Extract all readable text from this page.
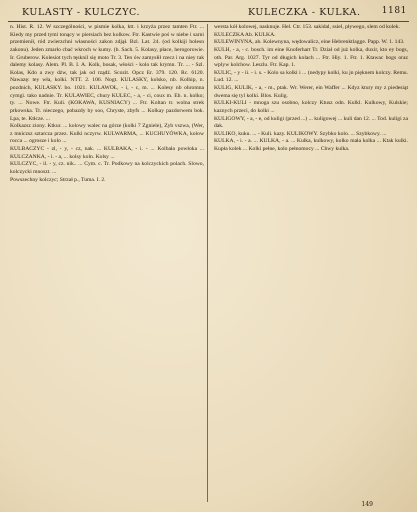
KULASTY - KULCZYC.	KULECZKA - KULKA. 1181

n. Hist. R. 12. W szczególności, w pismie kolka, ktt. i krzyża przez tamten Ftr. ... Kiedy my przed tymi tonący w piersiach bez kolkow. Ftr. Kastwie poś w niebe i sarni przemienił, ród zwierzchni własności zakon zdjął. Bzl. Lat. 24. (od kolkiji bolesn zakonu). Jeden zmarło cbać wkroch w kumy. (b. Sach. 5. Kolasy, płace, herogorowie. Ir. Gruberow. Kolesiot tych tęsknil się moto Tr. 3. Ten ów zamysłił rzecz i na niey tak dalemy kolasy. Alem. Pl. B. I. A. Kolk, bosak, włości - kolo tak krymn. Tr. ... - Szl. Kolas, Kdo a zwy dżw, tak jak od rządź. Scozit. Opcz Er. 379. 120. Rc. 6120. Nawazę: tey wła, kolki. NTT. 2. 106. Nogt. KULASKY, kolsko, nb. Kolhip, n. pozdnich, KULASKY. bo. 1021. KULAWOŁ, - i, - c, m. ... Kolesy nb ohromna cymgi. tako nadnie. Tr. KULAWIEC, chury KULEC, - a, - ci, coux m. Eb. n. kolko; ty. ... Nowe. Ftr. Kuli. (KOKAWA, KUSNIACY) ... Ftr. Koltan tr. wolna strek prkowska. Tr. nieczego, pobazdy by soo, Chryste, zbyfs ... Kolkay pazdorwem bok. Lpa, te. Ktłcze. ...

Kolkazsz ziony. Ktkur. ... kolowy walec na górze (kolki 7 Zgniele), Zyb vszwa, (Wer, z mniczsz sztarcza przez. Kulki nczyrw. KULWARMA, ... KUCHUYÓWKA, kolow rocca ... ogrosze i kolo ...

KULBACZYC - zl, - y, - cz, nak. ... KULBAKA, - i. - ... Kolbała powłoka ... KULCZANKA, - i. - a, ... kolsy koln. Kolsy ...

KULCZYC, - il. - y, cz. nik.. ... Cym. c. Tr. Podkowy na kolczyckich polach. Slowo, kolczycki mnoszt. ...

Powszechny kolczyc; Strzał p., Tuma. I. 2.

wersta kół kolowej, nasknuje. Hel. Ctr. 153. sakidal, ssiel, pływego, slem od kolek.

KULECZKA Ab. KULKA.

KULEWINYNA, ab. Kolewnyna, wędowalicz, eine Hebrenktlagge. Papp. W. 1. 143.

KULH, - a, - c. bosch. im eine Knoferhart Tr. Dział od już kolka, duxir, kto ey bogs, oth. Par. Arg. 1027. Tyr od długich kolach ... Ftr. Hiy. 1. Ftr. 1. Ktawac bogs oraz wplyw kolchow. Leszlu. Ftr. Kap. 1.

KULIC, - y - ii. - i. s. - Kolo sa kolki i ... (nedypy kolki, ku jn pięknem kolczy. Remu. Lud. 12. ...

KULIG, KULIK, - a, - m., ptak. Wr. Werer, ein Waffer ... Kdyz ktury my z piedesiąt dwema się tyl kolki. Blos. Kulig.

KULKI-KULI - mnoga szu osobno, kolczy Ktusz odn. Kulkl. Kulkowy, Kulskie; kaznych przeci, do kolki ...

KULIGOWY, - a, - e, od kuligi (przed ...) ... kuligowej ... kuli dan 12. ... Tod. kuligi za dak.

KULIKO, kuku. ... - Kuli. kazy. KULIKOWY. Szybko kolo. ... Szybkowy. ...

KULKA, - i. - a. ... KULKA, - a. ... Kulka, kulkowy, kolko mała kolka ... Ktak kulki. Kupła kolek ... Kolki pełne, kolo pełnomocy ... Chwy kulka.

149
